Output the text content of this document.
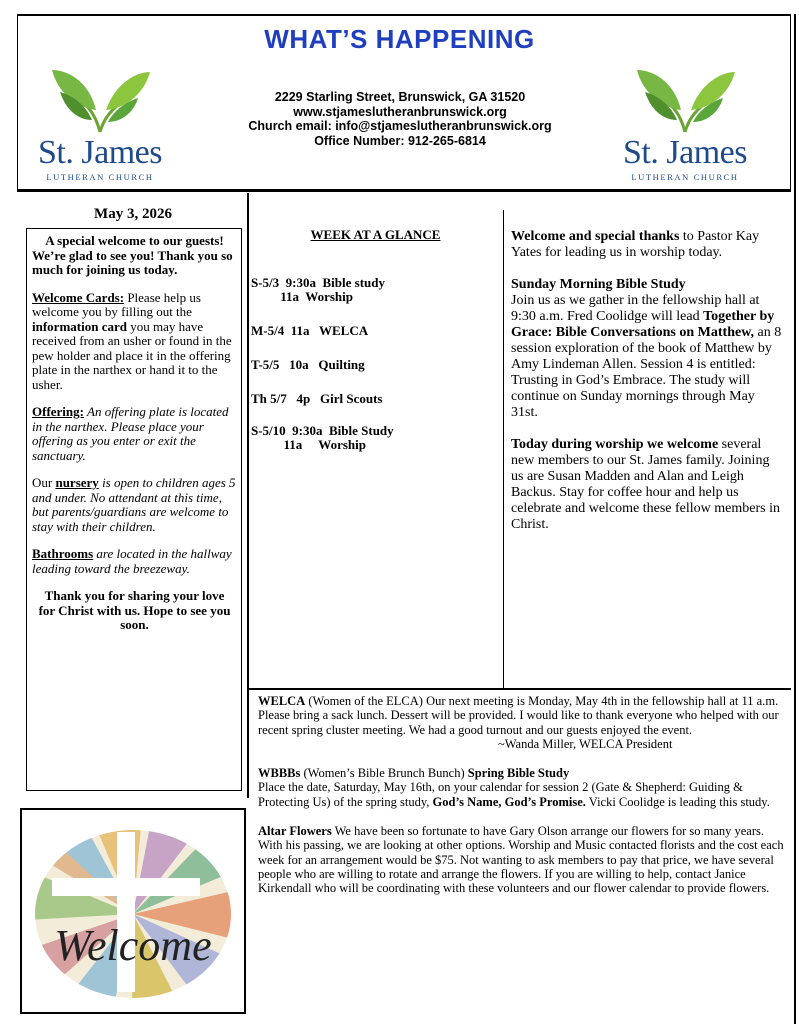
WHAT’S HAPPENING
St. James
LUTHERAN CHURCH
St. James
LUTHERAN CHURCH
2229 Starling Street, Brunswick, GA 31520
www.stjameslutheranbrunswick.org
Church email: info@stjameslutheranbrunswick.org
Office Number: 912-265-6814
May 3, 2026

A special welcome to our guests!

We’re glad to see you! Thank you so much for joining us today.

Welcome Cards: Please help us welcome you by filling out the information card you may have received from an usher or found in the pew holder and place it in the offering plate in the narthex or hand it to the usher.

Offering: An offering plate is located in the narthex. Please place your offering as you enter or exit the sanctuary.

Our nursery is open to children ages 5 and under. No attendant at this time, but parents/guardians are welcome to stay with their children.

Bathrooms are located in the hallway leading toward the breezeway.

Thank you for sharing your love for Christ with us. Hope to see you soon.

WEEK AT A GLANCE
S-5/3  9:30a  Bible study
11a  Worship
M-5/4  11a   WELCA
T-5/5   10a   Quilting
Th 5/7   4p   Girl Scouts
S-5/10  9:30a  Bible Study
11a     Worship

Welcome and special thanks to Pastor Kay Yates for leading us in worship today.

Sunday Morning Bible Study
Join us as we gather in the fellowship hall at 9:30 a.m. Fred Coolidge will lead Together by Grace: Bible Conversations on Matthew, an 8 session exploration of the book of Matthew by Amy Lindeman Allen. Session 4 is entitled: Trusting in God’s Embrace. The study will continue on Sunday mornings through May 31st.

Today during worship we welcome several new members to our St. James family. Joining us are Susan Madden and Alan and Leigh Backus. Stay for coffee hour and help us celebrate and welcome these fellow members in Christ.

WELCA (Women of the ELCA) Our next meeting is Monday, May 4th in the fellowship hall at 11 a.m. Please bring a sack lunch. Dessert will be provided. I would like to thank everyone who helped with our recent spring cluster meeting. We had a good turnout and our guests enjoyed the event.
~Wanda Miller, WELCA President

WBBBs (Women’s Bible Brunch Bunch) Spring Bible Study
Place the date, Saturday, May 16th, on your calendar for session 2 (Gate & Shepherd: Guiding & Protecting Us) of the spring study, God’s Name, God’s Promise. Vicki Coolidge is leading this study.

Altar Flowers We have been so fortunate to have Gary Olson arrange our flowers for so many years. With his passing, we are looking at other options. Worship and Music contacted florists and the cost each week for an arrangement would be $75. Not wanting to ask members to pay that price, we have several people who are willing to rotate and arrange the flowers. If you are willing to help, contact Janice Kirkendall who will be coordinating with these volunteers and our flower calendar to provide flowers.

Welcome
